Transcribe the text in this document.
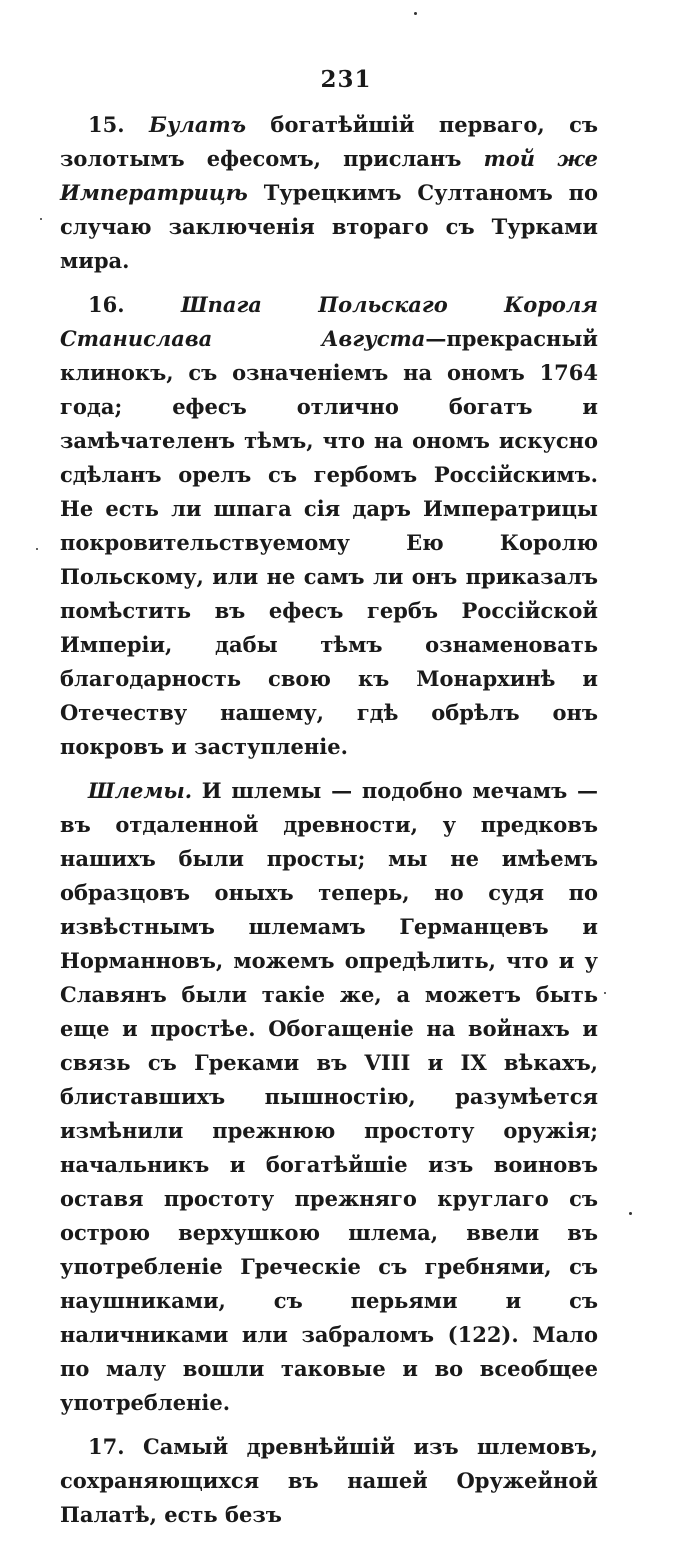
231

15. Булатъ богатѣйшій перваго, съ золотымъ ефесомъ, присланъ той же Императрицѣ Турецкимъ Султаномъ по случаю заключенія втораго съ Турками мира.

16.	Шпага Польскаго Короля Станислава Августа—прекрасный клинокъ, съ означеніемъ на ономъ 1764 года; ефесъ отлично богатъ и замѣчателенъ тѣмъ, что на ономъ искусно сдѣланъ орелъ съ гербомъ Россійскимъ. Не есть ли шпага сія даръ Императрицы покровительствуемому Ею Королю Польскому, или не самъ ли онъ приказалъ помѣстить въ ефесъ гербъ Россійской Имперіи, дабы тѣмъ ознаменовать благодарность свою къ Монархинѣ и Отечеству нашему, гдѣ обрѣлъ онъ покровъ и заступленіе.

Шлемы. И шлемы — подобно мечамъ — въ отдаленной древности, у предковъ нашихъ были просты; мы не имѣемъ образцовъ оныхъ теперь, но судя по извѣстнымъ шлемамъ Германцевъ и Норманновъ, можемъ опредѣлить, что и у Славянъ были такіе же, а можетъ быть еще и простѣе. Обогащеніе на войнахъ и связь съ Греками въ VIII и IX вѣкахъ, блиставшихъ пышностію, разумѣется измѣнили прежнюю простоту оружія; начальникъ и богатѣйшіе изъ воиновъ оставя простоту прежняго круглаго съ острою верхушкою шлема, ввели въ употребленіе Греческіе съ гребнями, съ наушниками, съ перьями и съ наличниками или забраломъ (122). Мало по малу вошли таковые и во всеобщее употребленіе.

17. Самый древнѣйшій изъ шлемовъ, сохраняющихся въ нашей Оружейной Палатѣ, есть безъ
